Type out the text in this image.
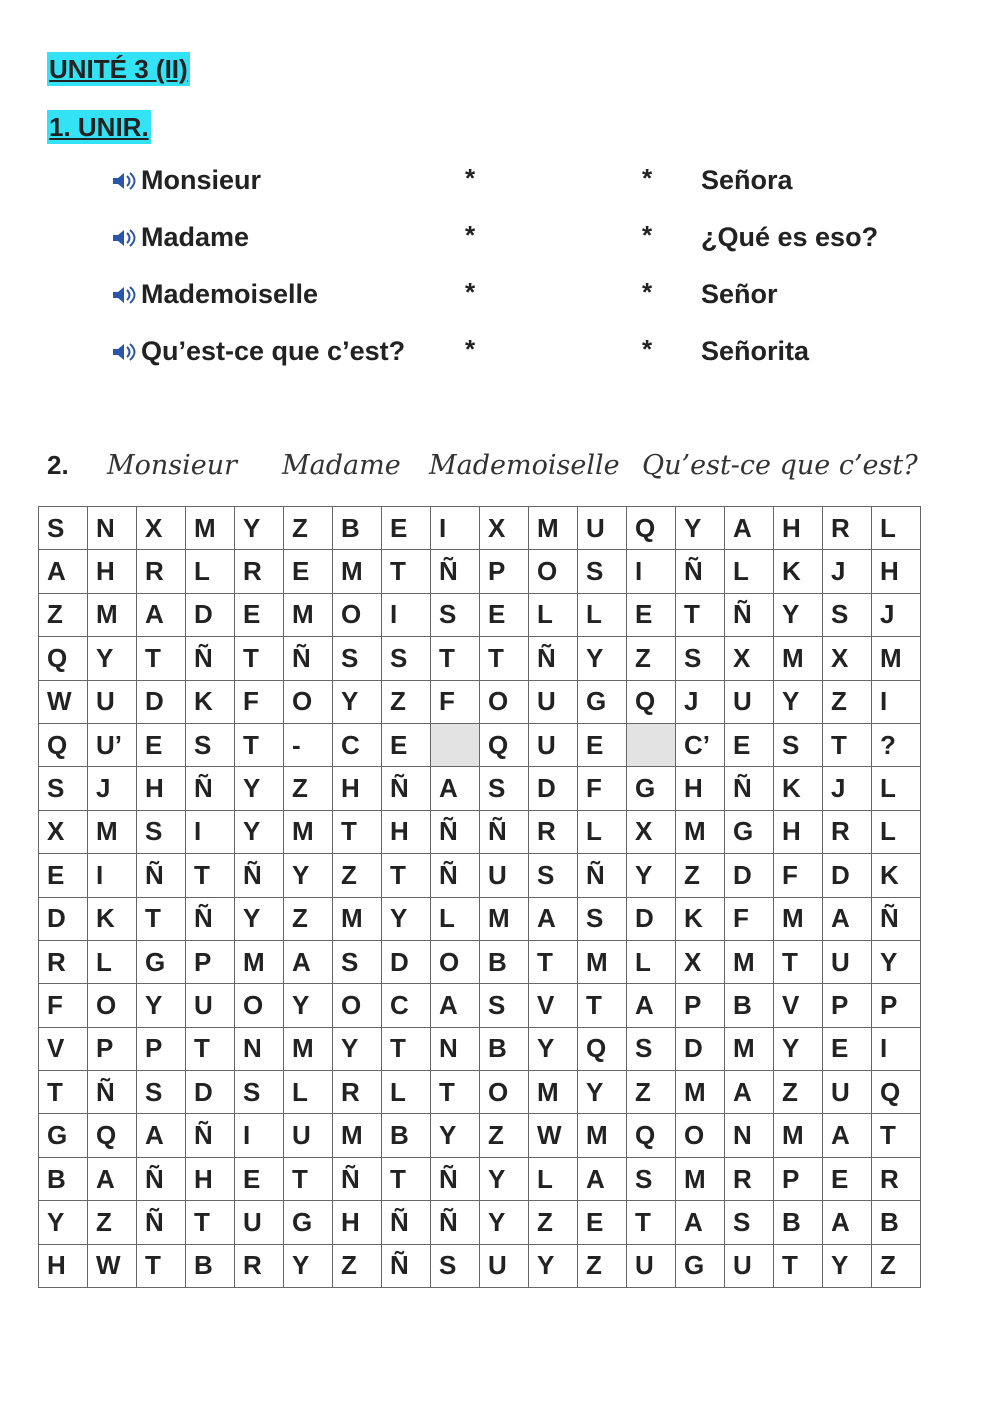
UNITÉ 3 (II)
1. UNIR.
Monsieur	*	* Señora
Madame	*	* ¿Qué es eso?
Mademoiselle	*	* Señor
Qu’est-ce que c’est? *	* Señorita
2. Monsieur Madame Mademoiselle Qu’est-ce que c’est?
S	N	X	M	Y	Z	B	E	I	X	M	U	Q	Y	A	H	R	L
A	H	R	L	R	E	M	T	Ñ	P	O	S	I	Ñ	L	K	J	H
Z	M	A	D	E	M	O	I	S	E	L	L	E	T	Ñ	Y	S	J
Q	Y	T	Ñ	T	Ñ	S	S	T	T	Ñ	Y	Z	S	X	M	X	M
W	U	D	K	F	O	Y	Z	F	O	U	G	Q	J	U	Y	Z	I
Q	U’	E	S	T	-	C	E		Q	U	E		C’	E	S	T	?
S	J	H	Ñ	Y	Z	H	Ñ	A	S	D	F	G	H	Ñ	K	J	L
X	M	S	I	Y	M	T	H	Ñ	Ñ	R	L	X	M	G	H	R	L
E	I	Ñ	T	Ñ	Y	Z	T	Ñ	U	S	Ñ	Y	Z	D	F	D	K
D	K	T	Ñ	Y	Z	M	Y	L	M	A	S	D	K	F	M	A	Ñ
R	L	G	P	M	A	S	D	O	B	T	M	L	X	M	T	U	Y
F	O	Y	U	O	Y	O	C	A	S	V	T	A	P	B	V	P	P
V	P	P	T	N	M	Y	T	N	B	Y	Q	S	D	M	Y	E	I
T	Ñ	S	D	S	L	R	L	T	O	M	Y	Z	M	A	Z	U	Q
G	Q	A	Ñ	I	U	M	B	Y	Z	W	M	Q	O	N	M	A	T
B	A	Ñ	H	E	T	Ñ	T	Ñ	Y	L	A	S	M	R	P	E	R
Y	Z	Ñ	T	U	G	H	Ñ	Ñ	Y	Z	E	T	A	S	B	A	B
H	W	T	B	R	Y	Z	Ñ	S	U	Y	Z	U	G	U	T	Y	Z
